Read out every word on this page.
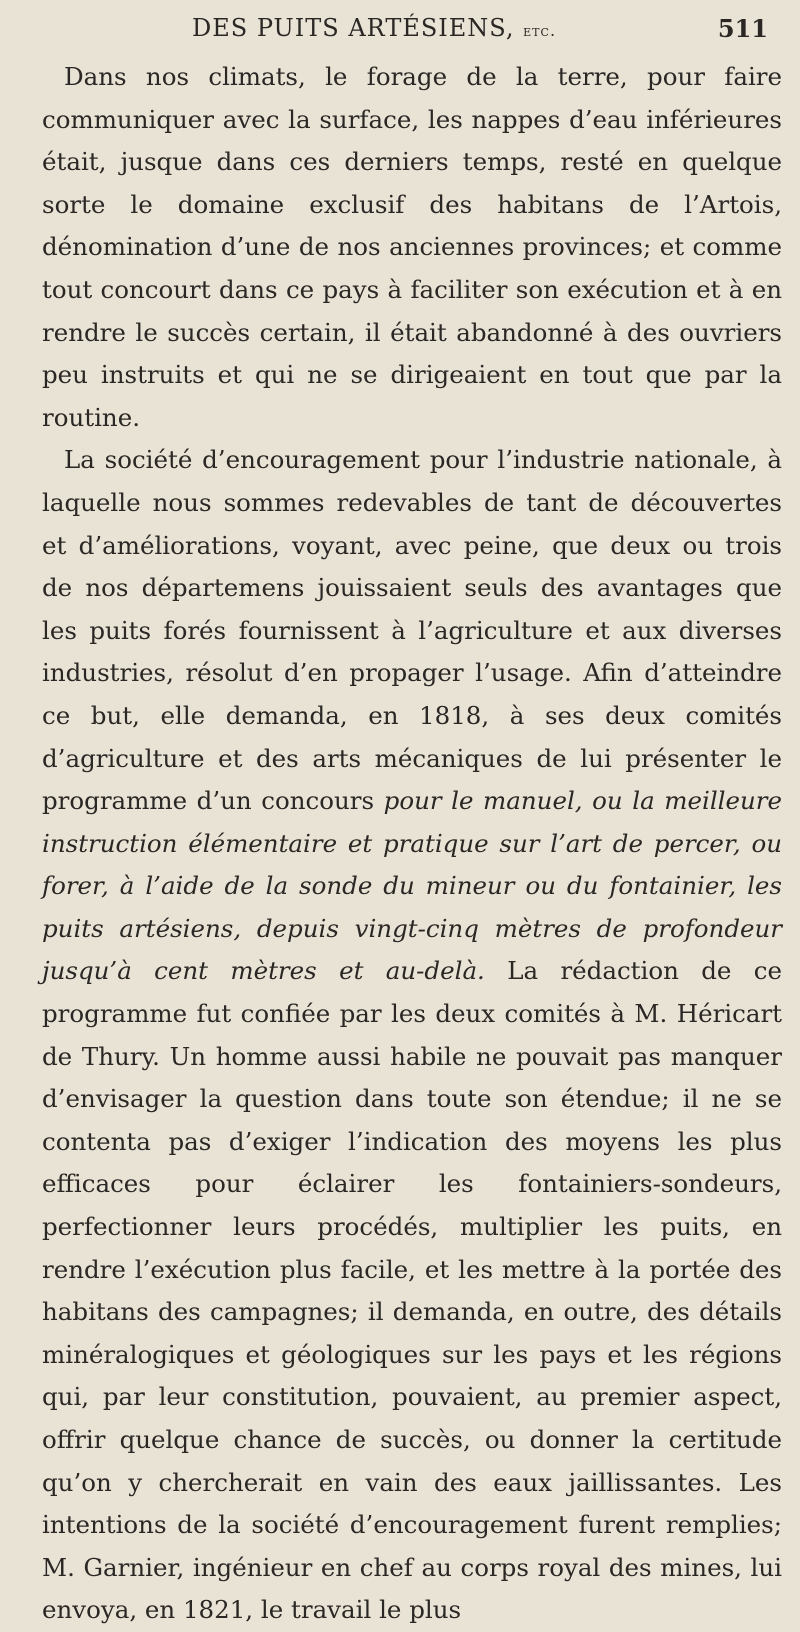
DES PUITS ARTÉSIENS, etc.	511

Dans nos climats, le forage de la terre, pour faire communiquer avec la surface, les nappes d’eau inférieures était, jusque dans ces derniers temps, resté en quelque sorte le domaine exclusif des habitans de l’Artois, dénomination d’une de nos anciennes provinces; et comme tout concourt dans ce pays à faciliter son exécution et à en rendre le succès certain, il était abandonné à des ouvriers peu instruits et qui ne se dirigeaient en tout que par la routine.

La société d’encouragement pour l’industrie nationale, à laquelle nous sommes redevables de tant de découvertes et d’améliorations, voyant, avec peine, que deux ou trois de nos départemens jouissaient seuls des avantages que les puits forés fournissent à l’agriculture et aux diverses industries, résolut d’en propager l’usage. Afin d’atteindre ce but, elle demanda, en 1818, à ses deux comités d’agriculture et des arts mécaniques de lui présenter le programme d’un concours pour le manuel, ou la meilleure instruction élémentaire et pratique sur l’art de percer, ou forer, à l’aide de la sonde du mineur ou du fontainier, les puits artésiens, depuis vingt-cinq mètres de profondeur jusqu’à cent mètres et au-delà. La rédaction de ce programme fut confiée par les deux comités à M. Héricart de Thury. Un homme aussi habile ne pouvait pas manquer d’envisager la question dans toute son étendue; il ne se contenta pas d’exiger l’indication des moyens les plus efficaces pour éclairer les fontainiers-sondeurs, perfectionner leurs procédés, multiplier les puits, en rendre l’exécution plus facile, et les mettre à la portée des habitans des campagnes; il demanda, en outre, des détails minéralogiques et géologiques sur les pays et les régions qui, par leur constitution, pouvaient, au premier aspect, offrir quelque chance de succès, ou donner la certitude qu’on y chercherait en vain des eaux jaillissantes. Les intentions de la société d’encouragement furent remplies; M. Garnier, ingénieur en chef au corps royal des mines, lui envoya, en 1821, le travail le plus
